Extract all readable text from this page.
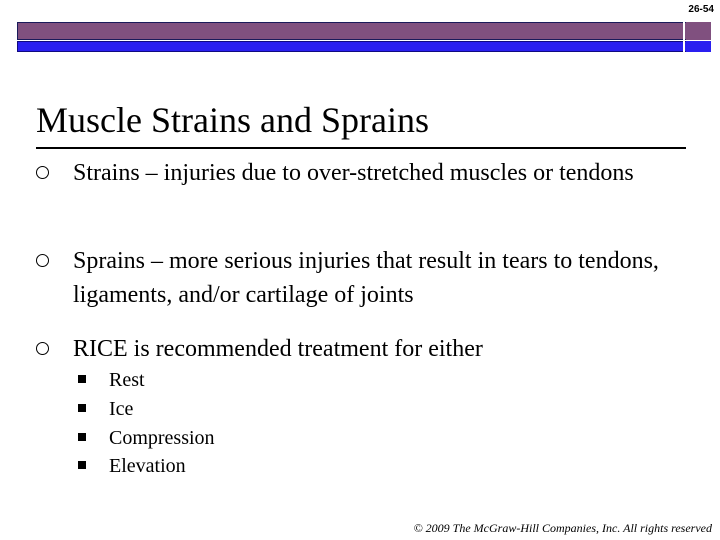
26-54
Muscle Strains and Sprains
Strains – injuries due to over-stretched muscles or tendons
Sprains – more serious injuries that result in tears to tendons, ligaments, and/or cartilage of joints
RICE is recommended treatment for either
Rest
Ice
Compression
Elevation
© 2009 The McGraw-Hill Companies, Inc. All rights reserved
